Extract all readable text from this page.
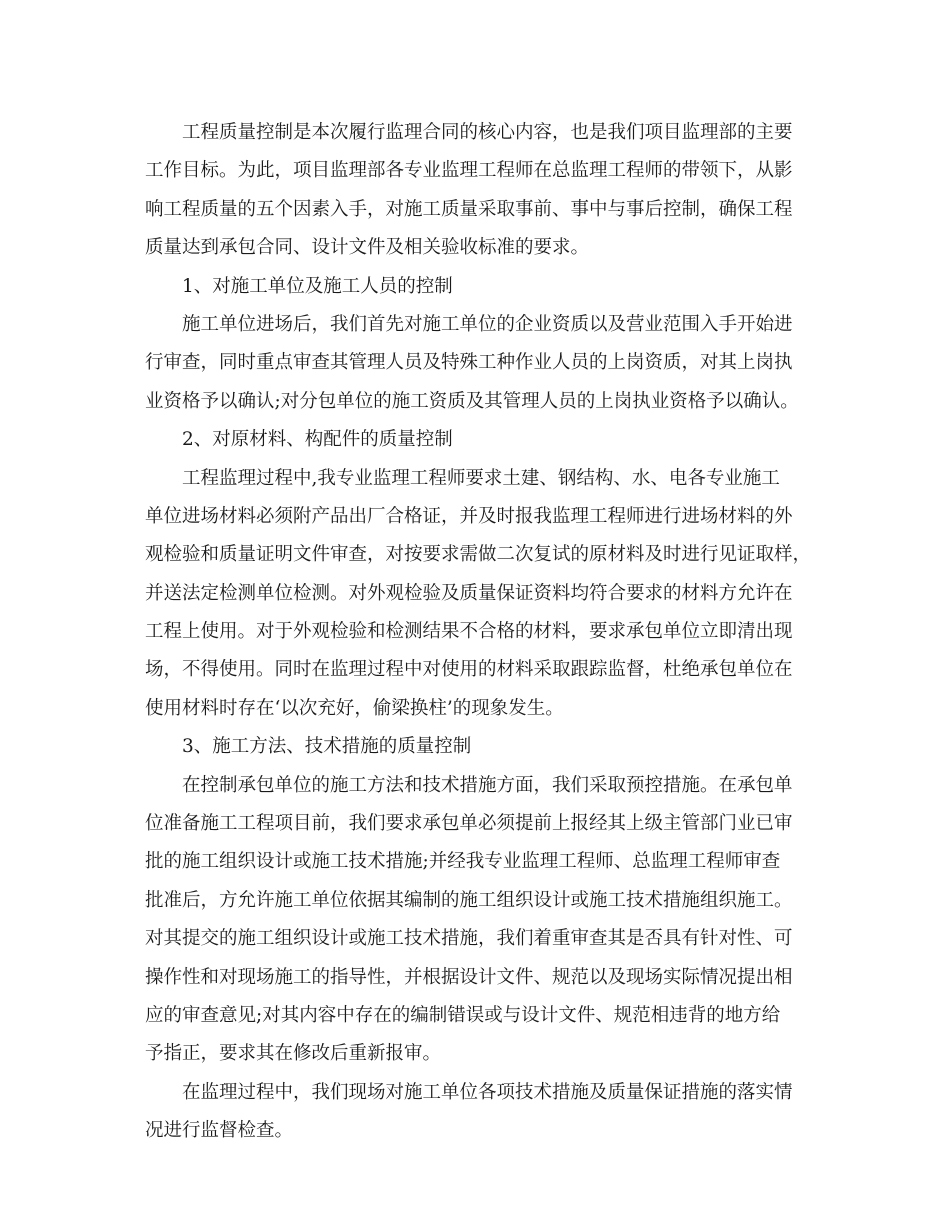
工程质量控制是本次履行监理合同的核心内容，也是我们项目监理部的主要
工作目标。为此，项目监理部各专业监理工程师在总监理工程师的带领下，从影
响工程质量的五个因素入手，对施工质量采取事前、事中与事后控制，确保工程
质量达到承包合同、设计文件及相关验收标准的要求。
1、对施工单位及施工人员的控制
施工单位进场后，我们首先对施工单位的企业资质以及营业范围入手开始进
行审查，同时重点审查其管理人员及特殊工种作业人员的上岗资质，对其上岗执
业资格予以确认;对分包单位的施工资质及其管理人员的上岗执业资格予以确认。
2、对原材料、构配件的质量控制
工程监理过程中,我专业监理工程师要求土建、钢结构、水、电各专业施工
单位进场材料必须附产品出厂合格证，并及时报我监理工程师进行进场材料的外
观检验和质量证明文件审查，对按要求需做二次复试的原材料及时进行见证取样，
并送法定检测单位检测。对外观检验及质量保证资料均符合要求的材料方允许在
工程上使用。对于外观检验和检测结果不合格的材料，要求承包单位立即清出现
场，不得使用。同时在监理过程中对使用的材料采取跟踪监督，杜绝承包单位在
使用材料时存在‘以次充好，偷梁换柱’的现象发生。
3、施工方法、技术措施的质量控制
在控制承包单位的施工方法和技术措施方面，我们采取预控措施。在承包单
位准备施工工程项目前，我们要求承包单必须提前上报经其上级主管部门业已审
批的施工组织设计或施工技术措施;并经我专业监理工程师、总监理工程师审查
批准后，方允许施工单位依据其编制的施工组织设计或施工技术措施组织施工。
对其提交的施工组织设计或施工技术措施，我们着重审查其是否具有针对性、可
操作性和对现场施工的指导性，并根据设计文件、规范以及现场实际情况提出相
应的审查意见;对其内容中存在的编制错误或与设计文件、规范相违背的地方给
予指正，要求其在修改后重新报审。
在监理过程中，我们现场对施工单位各项技术措施及质量保证措施的落实情
况进行监督检查。
